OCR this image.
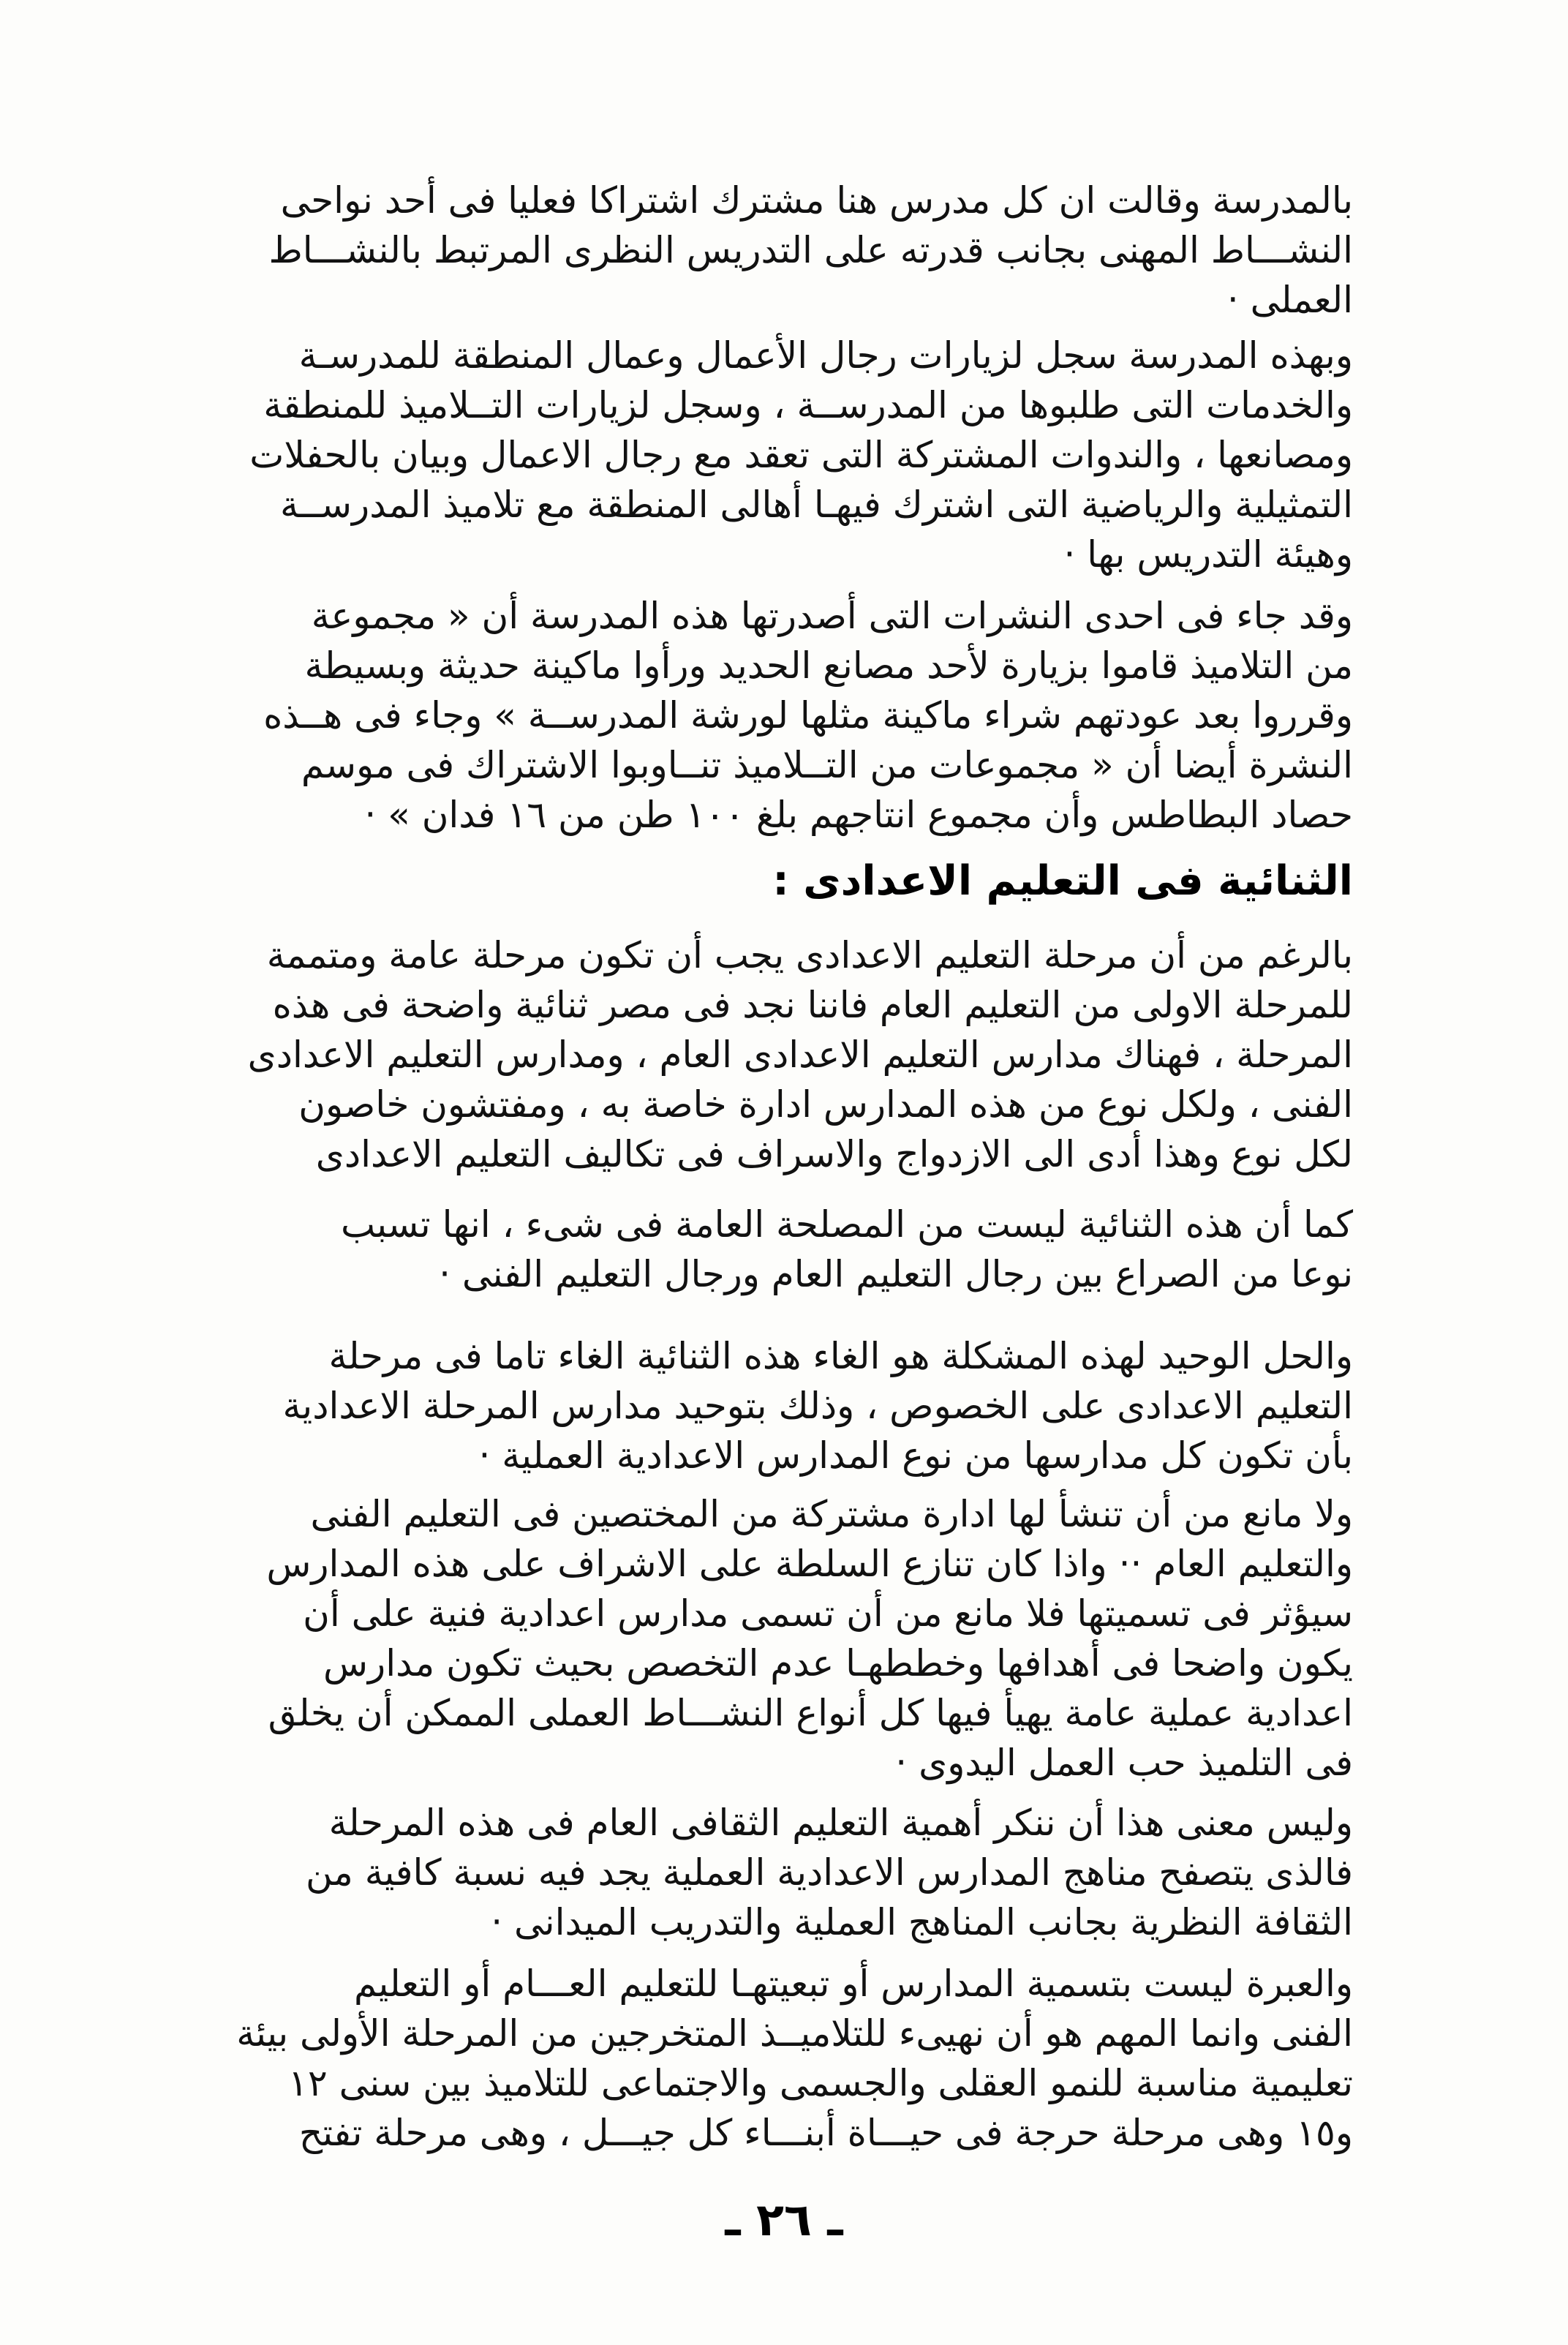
بالمدرسة وقالت ان كل مدرس هنا مشترك اشتراكا فعليا فى أحد نواحى
النشـــاط المهنى بجانب قدرته على التدريس النظرى المرتبط بالنشـــاط
العملى ·
وبهذه المدرسة سجل لزيارات رجال الأعمال وعمال المنطقة للمدرسـة
والخدمات التى طلبوها من المدرســة ، وسجل لزيارات التــلاميذ للمنطقة
ومصانعها ، والندوات المشتركة التى تعقد مع رجال الاعمال وبيان بالحفلات
التمثيلية والرياضية التى اشترك فيهـا أهالى المنطقة مع تلاميذ المدرســة
وهيئة التدريس بها ·
وقد جاء فى احدى النشرات التى أصدرتها هذه المدرسة أن « مجموعة
من التلاميذ قاموا بزيارة لأحد مصانع الحديد ورأوا ماكينة حديثة وبسيطة
وقرروا بعد عودتهم شراء ماكينة مثلها لورشة المدرســة » وجاء فى هــذه
النشرة أيضا أن « مجموعات من التــلاميذ تنــاوبوا الاشتراك فى موسم
حصاد البطاطس وأن مجموع انتاجهم بلغ ١٠٠ طن من ١٦ فدان » ·
الثنائية فى التعليم الاعدادى :
بالرغم من أن مرحلة التعليم الاعدادى يجب أن تكون مرحلة عامة ومتممة
للمرحلة الاولى من التعليم العام فاننا نجد فى مصر ثنائية واضحة فى هذه
المرحلة ، فهناك مدارس التعليم الاعدادى العام ، ومدارس التعليم الاعدادى
الفنى ، ولكل نوع من هذه المدارس ادارة خاصة به ، ومفتشون خاصون
لكل نوع وهذا أدى الى الازدواج والاسراف فى تكاليف التعليم الاعدادى
كما أن هذه الثنائية ليست من المصلحة العامة فى شىء ، انها تسبب
نوعا من الصراع بين رجال التعليم العام ورجال التعليم الفنى ·
والحل الوحيد لهذه المشكلة هو الغاء هذه الثنائية الغاء تاما فى مرحلة
التعليم الاعدادى على الخصوص ، وذلك بتوحيد مدارس المرحلة الاعدادية
بأن تكون كل مدارسها من نوع المدارس الاعدادية العملية ·
ولا مانع من أن تنشأ لها ادارة مشتركة من المختصين فى التعليم الفنى
والتعليم العام ·· واذا كان تنازع السلطة على الاشراف على هذه المدارس
سيؤثر فى تسميتها فلا مانع من أن تسمى مدارس اعدادية فنية على أن
يكون واضحا فى أهدافها وخططهـا عدم التخصص بحيث تكون مدارس
اعدادية عملية عامة يهيأ فيها كل أنواع النشـــاط العملى الممكن أن يخلق
فى التلميذ حب العمل اليدوى ·
وليس معنى هذا أن ننكر أهمية التعليم الثقافى العام فى هذه المرحلة
فالذى يتصفح مناهج المدارس الاعدادية العملية يجد فيه نسبة كافية من
الثقافة النظرية بجانب المناهج العملية والتدريب الميدانى ·
والعبرة ليست بتسمية المدارس أو تبعيتهـا للتعليم العـــام أو التعليم
الفنى وانما المهم هو أن نهيىء للتلاميــذ المتخرجين من المرحلة الأولى بيئة
تعليمية مناسبة للنمو العقلى والجسمى والاجتماعى للتلاميذ بين سنى ١٢
و١٥ وهى مرحلة حرجة فى حيـــاة أبنـــاء كل جيـــل ، وهى مرحلة تفتح
ـ ٢٦ ـ
